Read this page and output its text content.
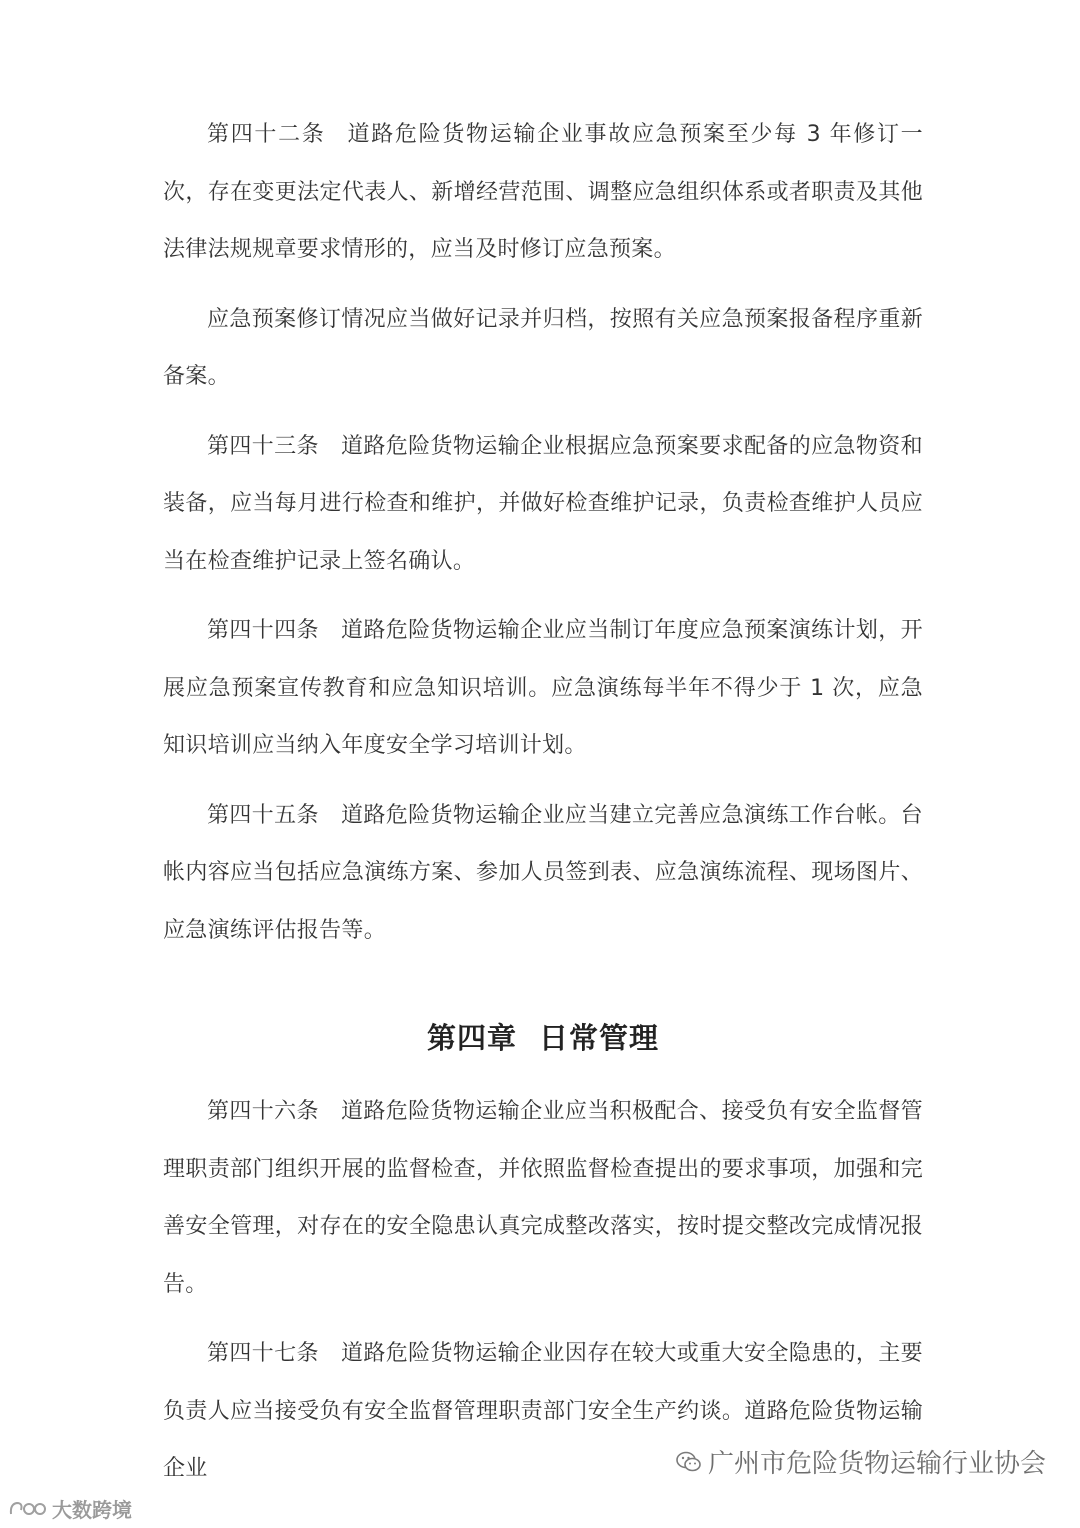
第四十二条 道路危险货物运输企业事故应急预案至少每 3 年修订一次，存在变更法定代表人、新增经营范围、调整应急组织体系或者职责及其他法律法规规章要求情形的，应当及时修订应急预案。

应急预案修订情况应当做好记录并归档，按照有关应急预案报备程序重新备案。

第四十三条 道路危险货物运输企业根据应急预案要求配备的应急物资和装备，应当每月进行检查和维护，并做好检查维护记录，负责检查维护人员应当在检查维护记录上签名确认。

第四十四条 道路危险货物运输企业应当制订年度应急预案演练计划，开展应急预案宣传教育和应急知识培训。应急演练每半年不得少于 1 次，应急知识培训应当纳入年度安全学习培训计划。

第四十五条 道路危险货物运输企业应当建立完善应急演练工作台帐。台帐内容应当包括应急演练方案、参加人员签到表、应急演练流程、现场图片、应急演练评估报告等。

第四章 日常管理

第四十六条 道路危险货物运输企业应当积极配合、接受负有安全监督管理职责部门组织开展的监督检查，并依照监督检查提出的要求事项，加强和完善安全管理，对存在的安全隐患认真完成整改落实，按时提交整改完成情况报告。

第四十七条 道路危险货物运输企业因存在较大或重大安全隐患的，主要负责人应当接受负有安全监督管理职责部门安全生产约谈。道路危险货物运输企业	广州市危险货物运输行业协会
大数跨境
